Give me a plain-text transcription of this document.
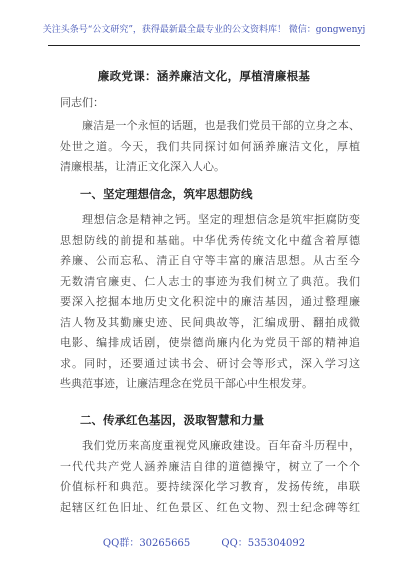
关注头条号“公文研究”，获得最新最全最专业的公文资料库！ 微信：gongwenyj
廉政党课：涵养廉洁文化，厚植清廉根基
同志们：
廉洁是一个永恒的话题，也是我们党员干部的立身之本、
处世之道。今天，我们共同探讨如何涵养廉洁文化，厚植
清廉根基，让清正文化深入人心。
一、坚定理想信念，筑牢思想防线
理想信念是精神之钙。坚定的理想信念是筑牢拒腐防变
思想防线的前提和基础。中华优秀传统文化中蕴含着厚德
养廉、公而忘私、清正自守等丰富的廉洁思想。从古至今
无数清官廉吏、仁人志士的事迹为我们树立了典范。我们
要深入挖掘本地历史文化积淀中的廉洁基因，通过整理廉
洁人物及其勤廉史迹、民间典故等，汇编成册、翻拍成微
电影、编排成话剧，使崇德尚廉内化为党员干部的精神追
求。同时，还要通过读书会、研讨会等形式，深入学习这
些典范事迹，让廉洁理念在党员干部心中生根发芽。
二、传承红色基因，汲取智慧和力量
我们党历来高度重视党风廉政建设。百年奋斗历程中，
一代代共产党人涵养廉洁自律的道德操守，树立了一个个
价值标杆和典范。要持续深化学习教育，发扬传统，串联
起辖区红色旧址、红色景区、红色文物、烈士纪念碑等红
QQ群：30265665	QQ：535304092
